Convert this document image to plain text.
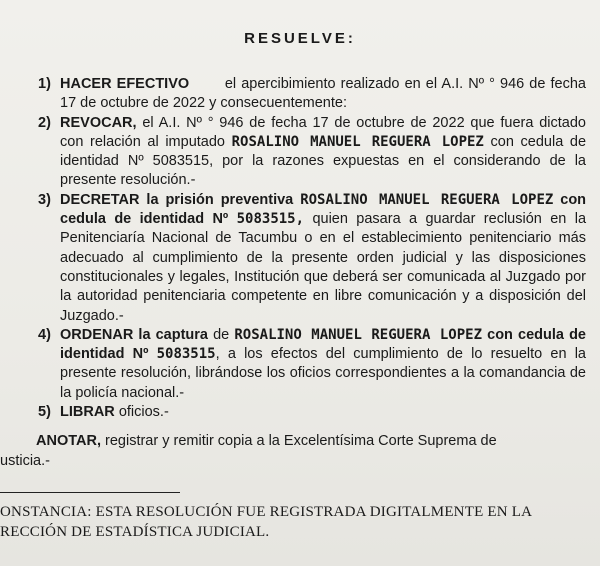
RESUELVE:
1) HACER EFECTIVO el apercibimiento realizado en el A.I. Nº ° 946 de fecha 17 de octubre de 2022 y consecuentemente:
2) REVOCAR, el A.I. Nº ° 946 de fecha 17 de octubre de 2022 que fuera dictado con relación al imputado ROSALINO MANUEL REGUERA LOPEZ con cedula de identidad Nº 5083515, por la razones expuestas en el considerando de la presente resolución.-
3) DECRETAR la prisión preventiva ROSALINO MANUEL REGUERA LOPEZ con cedula de identidad Nº 5083515, quien pasara a guardar reclusión en la Penitenciaría Nacional de Tacumbu o en el establecimiento penitenciario más adecuado al cumplimiento de la presente orden judicial y las disposiciones constitucionales y legales, Institución que deberá ser comunicada al Juzgado por la autoridad penitenciaria competente en libre comunicación y a disposición del Juzgado.-
4) ORDENAR la captura de ROSALINO MANUEL REGUERA LOPEZ con cedula de identidad Nº 5083515, a los efectos del cumplimiento de lo resuelto en la presente resolución, librándose los oficios correspondientes a la comandancia de la policía nacional.-
5) LIBRAR oficios.-
ANOTAR, registrar y remitir copia a la Excelentísima Corte Suprema de
usticia.-
ONSTANCIA: ESTA RESOLUCIÓN FUE REGISTRADA DIGITALMENTE EN LA
RECCIÓN DE ESTADÍSTICA JUDICIAL.
